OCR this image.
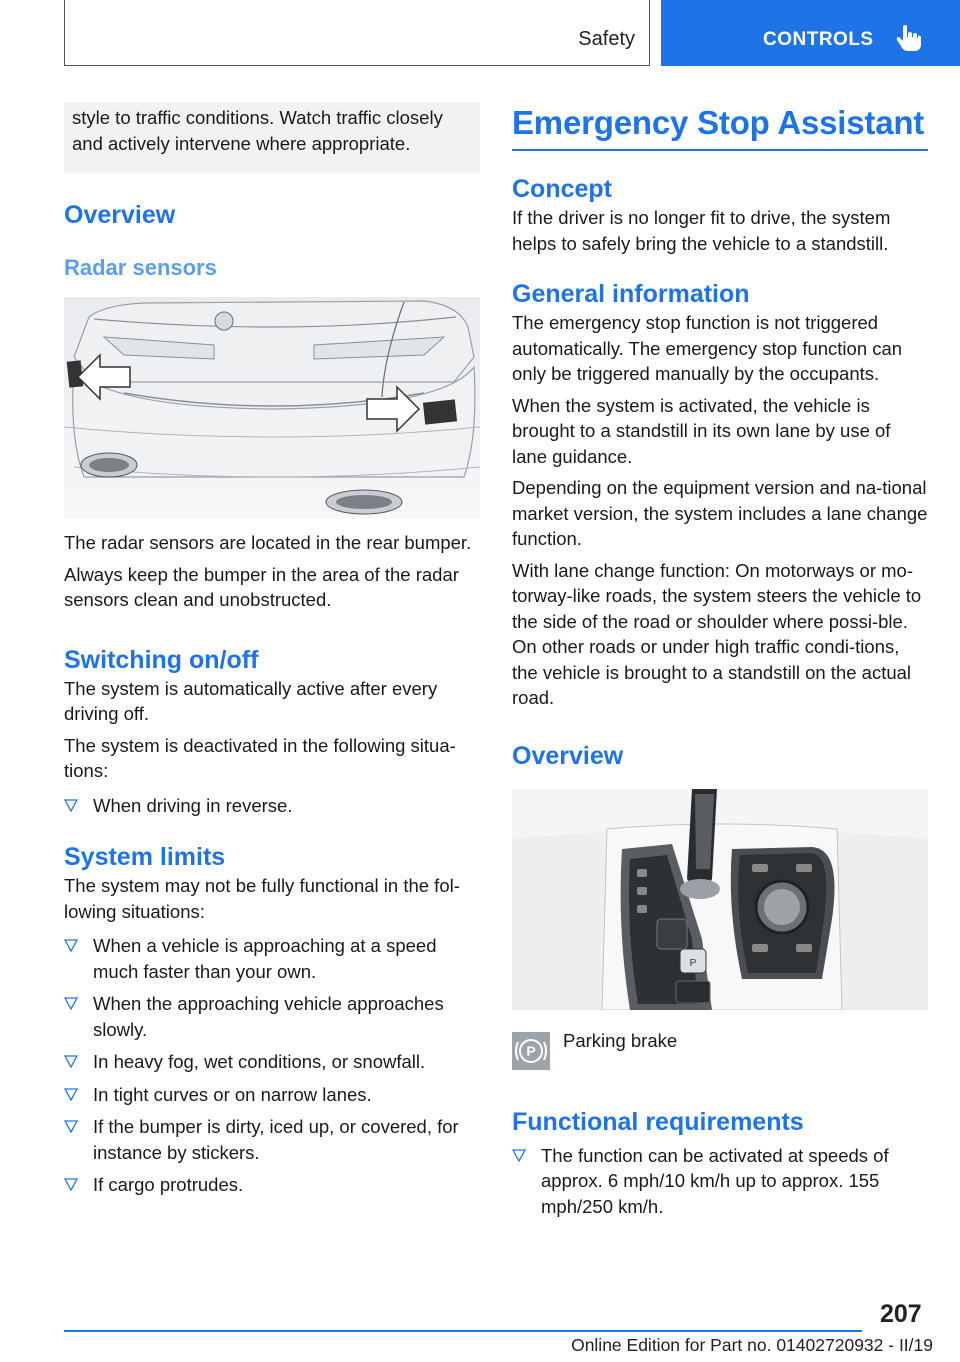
Safety	CONTROLS
style to traffic conditions. Watch traffic closely and actively intervene where appropriate.
Overview
Radar sensors

The radar sensors are located in the rear bumper.

Always keep the bumper in the area of the radar sensors clean and unobstructed.

Switching on/off

The system is automatically active after every driving off.

The system is deactivated in the following situa‐tions:

When driving in reverse.
System limits

The system may not be fully functional in the fol‐lowing situations:

When a vehicle is approaching at a speed much faster than your own.
When the approaching vehicle approaches slowly.
In heavy fog, wet conditions, or snowfall.
In tight curves or on narrow lanes.
If the bumper is dirty, iced up, or covered, for instance by stickers.
If cargo protrudes.
Emergency Stop Assistant
Concept

If the driver is no longer fit to drive, the system helps to safely bring the vehicle to a standstill.

General information

The emergency stop function is not triggered automatically. The emergency stop function can only be triggered manually by the occupants.

When the system is activated, the vehicle is brought to a standstill in its own lane by use of lane guidance.

Depending on the equipment version and na‐tional market version, the system includes a lane change function.

With lane change function: On motorways or mo‐torway-like roads, the system steers the vehicle to the side of the road or shoulder where possi‐ble. On other roads or under high traffic condi‐tions, the vehicle is brought to a standstill on the actual road.

Overview
P
P Parking brake
Functional requirements
The function can be activated at speeds of approx. 6 mph/10 km/h up to approx. 155 mph/250 km/h.
207
Online Edition for Part no. 01402720932 - II/19
